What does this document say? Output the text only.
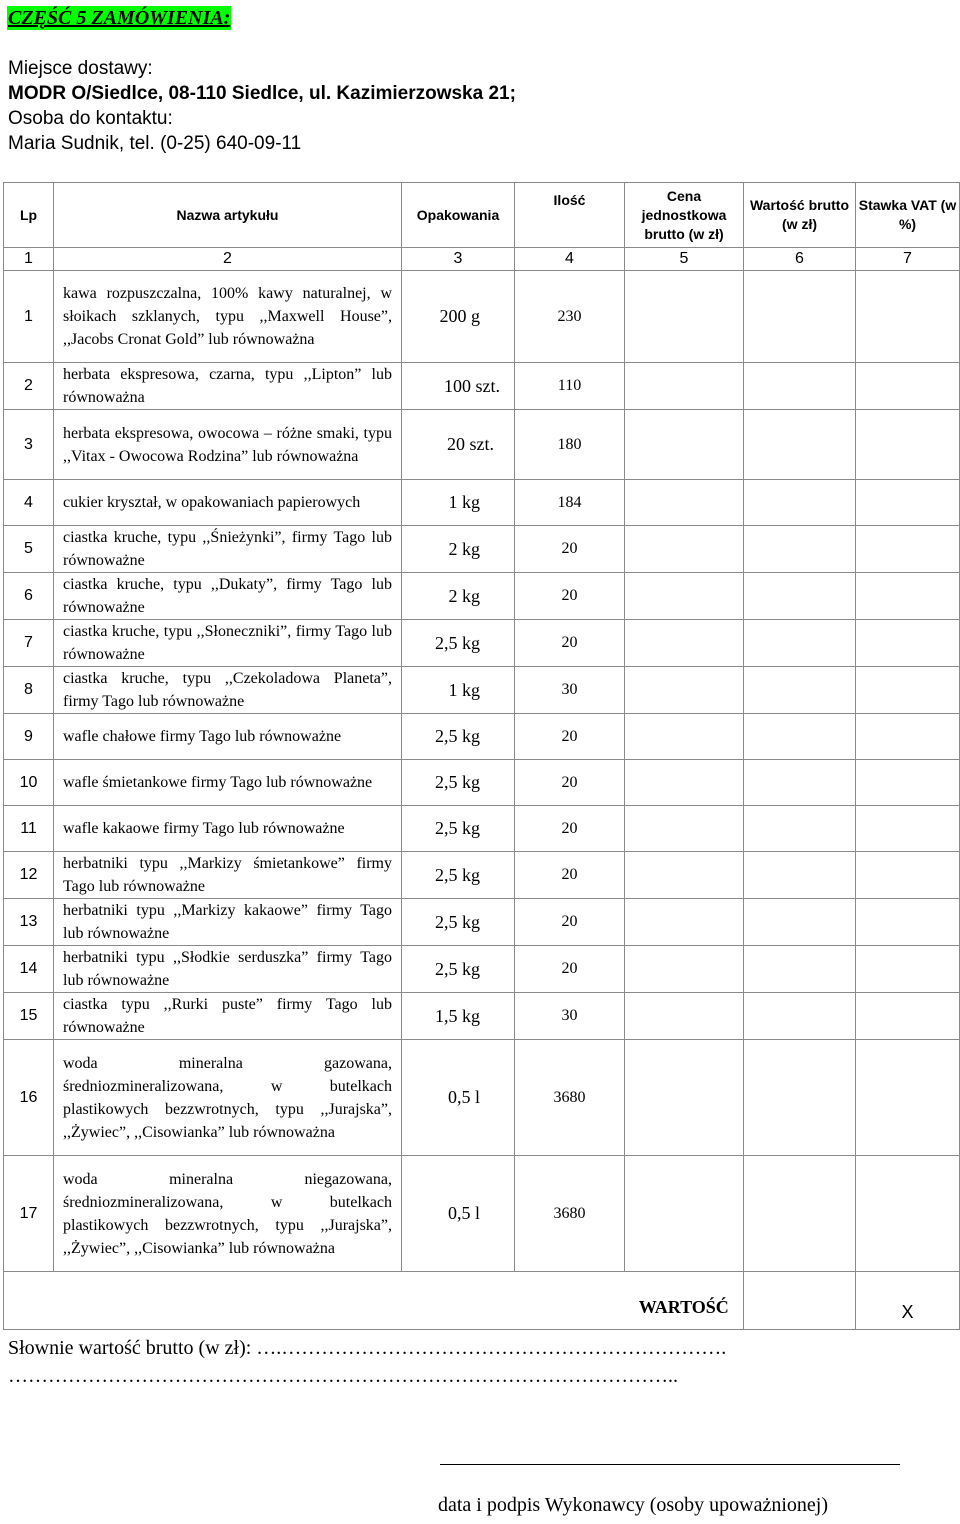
CZĘŚĆ 5 ZAMÓWIENIA:
Miejsce dostawy:
MODR O/Siedlce, 08-110 Siedlce, ul. Kazimierzowska 21;
Osoba do kontaktu:
Maria Sudnik, tel. (0-25) 640-09-11
Lp	Nazwa artykułu	Opakowania	Ilość	Cena jednostkowa brutto (w zł)	Wartość brutto (w zł)	Stawka VAT (w %)
1	2	3	4	5	6	7
1	kawa rozpuszczalna, 100% kawy naturalnej, w słoikach szklanych, typu ,,Maxwell House”, ,,Jacobs Cronat Gold” lub równoważna	200 g	230			
2	herbata ekspresowa, czarna, typu ,,Lipton” lub równoważna	100 szt.	110			
3	herbata ekspresowa, owocowa – różne smaki, typu ,,Vitax - Owocowa Rodzina” lub równoważna	20 szt.	180			
4	cukier kryształ, w opakowaniach papierowych	1 kg	184			
5	ciastka kruche, typu ,,Śnieżynki”, firmy Tago lub równoważne	2 kg	20			
6	ciastka kruche, typu ,,Dukaty”, firmy Tago lub równoważne	2 kg	20			
7	ciastka kruche, typu ,,Słoneczniki”, firmy Tago lub równoważne	2,5 kg	20			
8	ciastka kruche, typu ,,Czekoladowa Planeta”, firmy Tago lub równoważne	1 kg	30			
9	wafle chałowe firmy Tago lub równoważne	2,5 kg	20			
10	wafle śmietankowe firmy Tago lub równoważne	2,5 kg	20			
11	wafle kakaowe firmy Tago lub równoważne	2,5 kg	20			
12	herbatniki typu ,,Markizy śmietankowe” firmy Tago lub równoważne	2,5 kg	20			
13	herbatniki typu ,,Markizy kakaowe” firmy Tago lub równoważne	2,5 kg	20			
14	herbatniki typu ,,Słodkie serduszka” firmy Tago lub równoważne	2,5 kg	20			
15	ciastka typu ,,Rurki puste” firmy Tago lub równoważne	1,5 kg	30			
16	woda mineralna gazowana, średniozmineralizowana, w butelkach plastikowych bezzwrotnych, typu ,,Jurajska”, ,,Żywiec”, ,,Cisowianka” lub równoważna	0,5 l	3680			
17	woda mineralna niegazowana, średniozmineralizowana, w butelkach plastikowych bezzwrotnych, typu ,,Jurajska”, ,,Żywiec”, ,,Cisowianka” lub równoważna	0,5 l	3680			
				WARTOŚĆ		X
Słownie wartość brutto (w zł): ….………………………………………………………….
………………………………………………………………………………………..
data i podpis Wykonawcy (osoby upoważnionej)
